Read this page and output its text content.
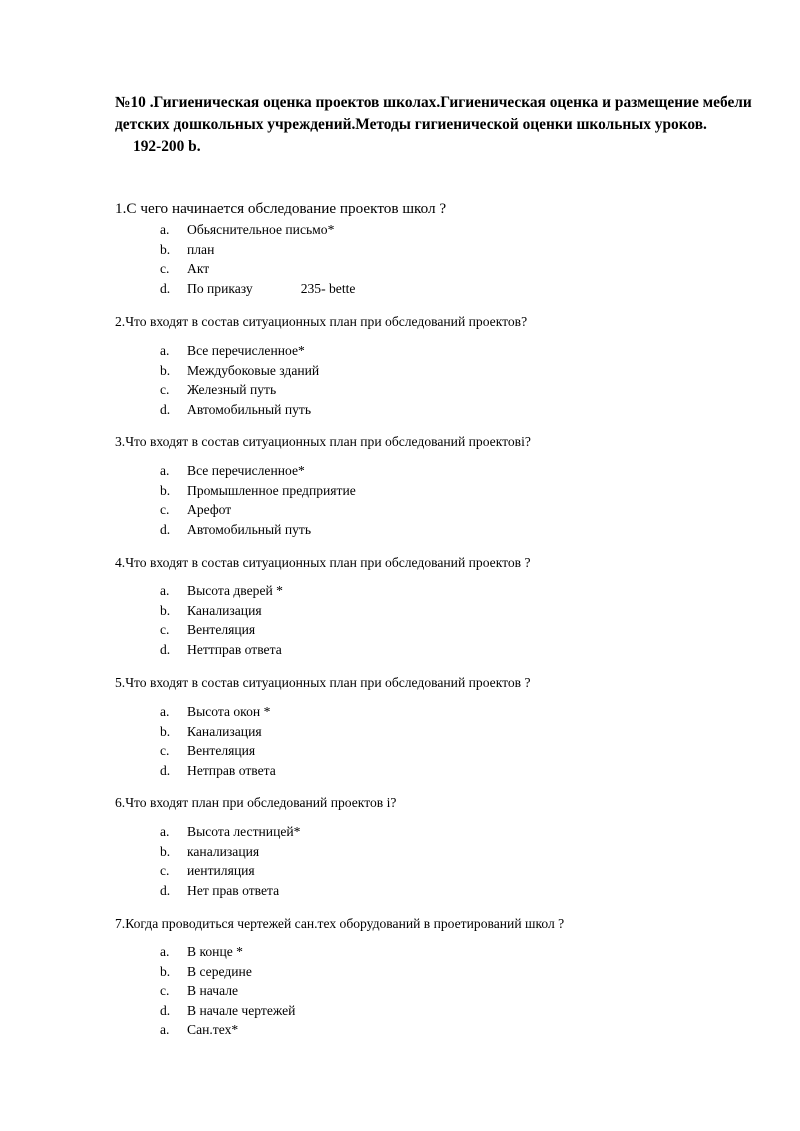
№10 .Гигиеническая оценка проектов школах.Гигиеническая оценка и размещение мебели детских дошкольных учреждений.Методы гигиенической оценки школьных уроков.192-200 b.
1.С чего начинается обследование проектов школ ?
a. Обьяснительное письмо*
b. план
c. Акт
d. По приказу	235- bette
2.Что входят в состав ситуационных план при обследований проектов?
a. Все перечисленное*
b. Междубоковые зданий
c. Железный путь
d. Автомобильный путь
3.Что входят в состав ситуационных план при обследований проектовi?
a. Все перечисленное*
b. Промышленное предприятие
c. Арефот
d. Автомобильный путь
4.Что входят в состав ситуационных план при обследований проектов ?
a. Высота дверей *
b. Канализация
c. Вентеляция
d. Неттправ ответа
5.Что входят в состав ситуационных план при обследований проектов ?
a. Высота окон *
b. Канализация
c. Вентеляция
d. Нетправ ответа
6.Что входят план при обследований проектов i?
a. Высота лестницей*
b. канализация
c. иентиляция
d. Нет прав ответа
7.Когда проводиться чертежей сан.тех оборудований в проетирований школ ?
a. В конце *
b. В середине
c. В начале
d. В начале чертежей
a. Сан.тех*
